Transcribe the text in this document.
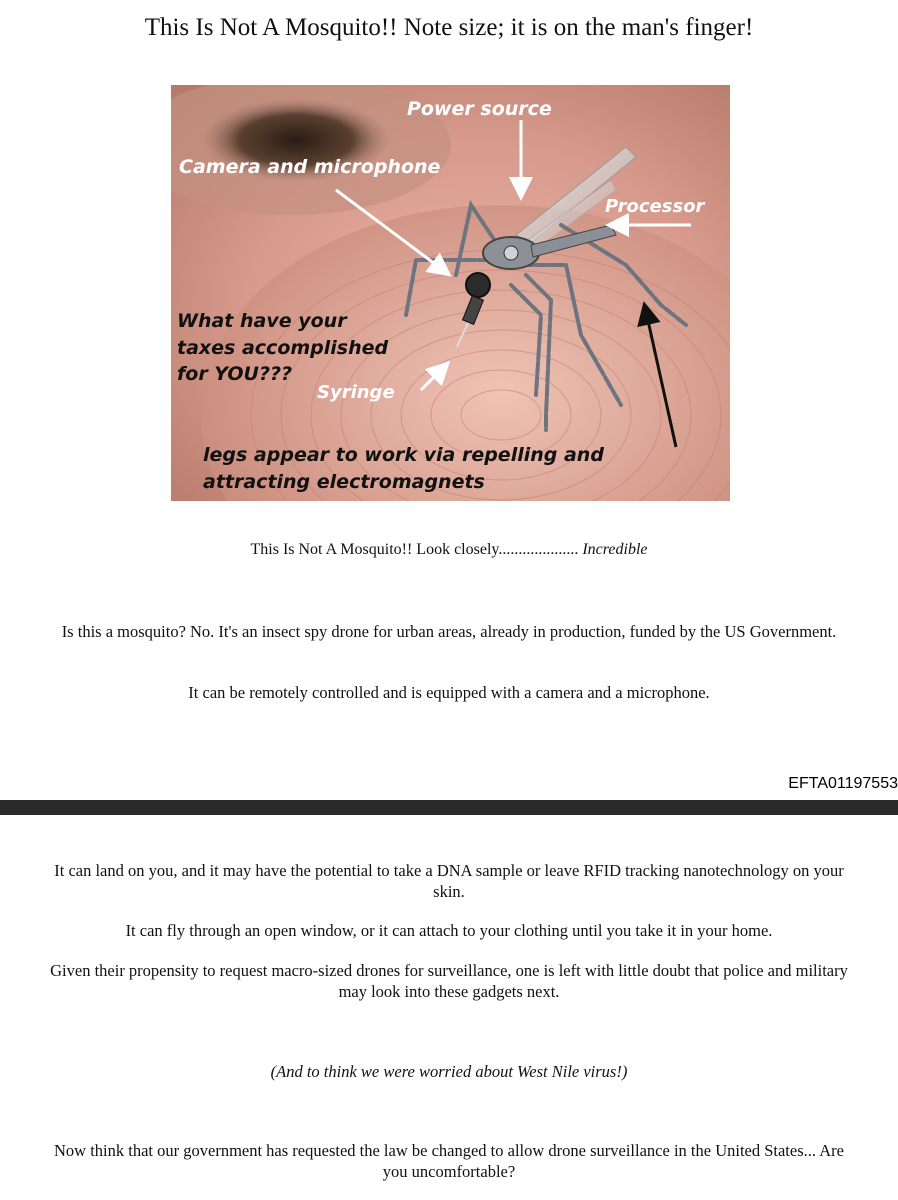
This Is Not A Mosquito!! Note size; it is on the man's finger!
Power source
Camera and microphone
Processor
What have your
taxes accomplished
for YOU???
Syringe
legs appear to work via repelling and
attracting electromagnets
This Is Not A Mosquito!! Look closely.................... Incredible
Is this a mosquito? No. It's an insect spy drone for urban areas, already in production, funded by the US Government.
It can be remotely controlled and is equipped with a camera and a microphone.
EFTA01197553
It can land on you, and it may have the potential to take a DNA sample or leave RFID tracking nanotechnology on your skin.
It can fly through an open window, or it can attach to your clothing until you take it in your home.
Given their propensity to request macro-sized drones for surveillance, one is left with little doubt that police and military may look into these gadgets next.
(And to think we were worried about West Nile virus!)
Now think that our government has requested the law be changed to allow drone surveillance in the United States... Are you uncomfortable?
